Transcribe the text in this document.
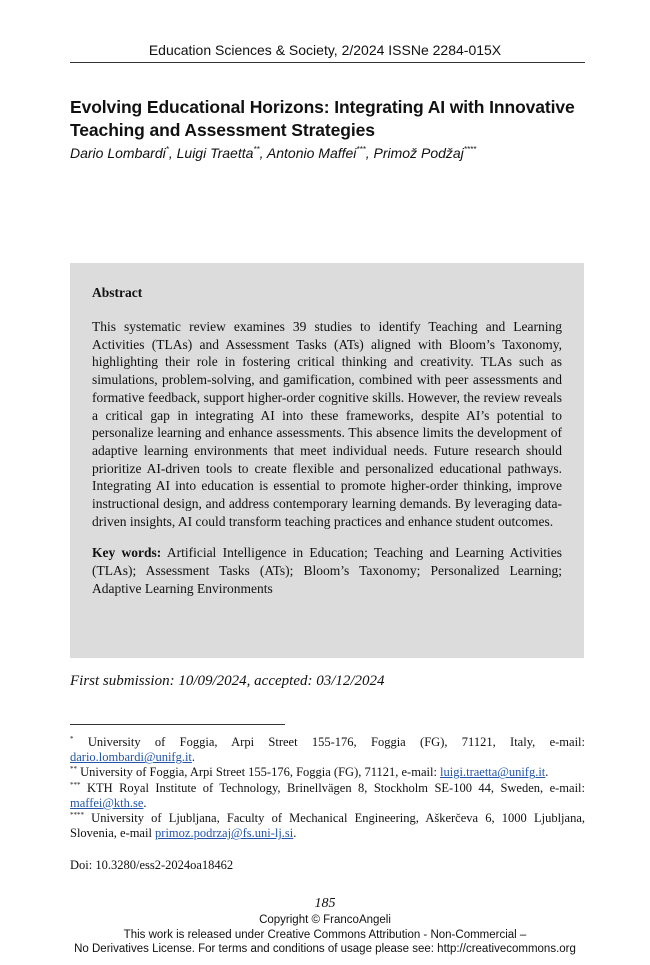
Education Sciences & Society, 2/2024 ISSNe 2284-015X
Evolving Educational Horizons: Integrating AI with Innovative Teaching and Assessment Strategies
Dario Lombardi*, Luigi Traetta**, Antonio Maffei***, Primož Podžaj****
Abstract
This systematic review examines 39 studies to identify Teaching and Learning Activities (TLAs) and Assessment Tasks (ATs) aligned with Bloom’s Taxonomy, highlighting their role in fostering critical thinking and creativity. TLAs such as simulations, problem-solving, and gamification, combined with peer assessments and formative feedback, support higher-order cognitive skills. However, the review reveals a critical gap in integrating AI into these frameworks, despite AI’s potential to personalize learning and enhance assessments. This absence limits the development of adaptive learning environments that meet individual needs. Future research should prioritize AI-driven tools to create flexible and personalized educational pathways. Integrating AI into education is essential to promote higher-order thinking, improve instructional design, and address contemporary learning demands. By leveraging data-driven insights, AI could transform teaching practices and enhance student outcomes.
Key words: Artificial Intelligence in Education; Teaching and Learning Activities (TLAs); Assessment Tasks (ATs); Bloom’s Taxonomy; Personalized Learning; Adaptive Learning Environments
First submission: 10/09/2024, accepted: 03/12/2024

* University of Foggia, Arpi Street 155-176, Foggia (FG), 71121, Italy, e-mail: dario.lombardi@unifg.it.

** University of Foggia, Arpi Street 155-176, Foggia (FG), 71121, e-mail: luigi.traetta@unifg.it.

*** KTH Royal Institute of Technology, Brinellvägen 8, Stockholm SE-100 44, Sweden, e-mail: maffei@kth.se.

**** University of Ljubljana, Faculty of Mechanical Engineering, Aškerčeva 6, 1000 Ljubljana, Slovenia, e-mail primoz.podrzaj@fs.uni-lj.si.

Doi: 10.3280/ess2-2024oa18462
185
Copyright © FrancoAngeli
This work is released under Creative Commons Attribution - Non-Commercial –
No Derivatives License. For terms and conditions of usage please see: http://creativecommons.org
